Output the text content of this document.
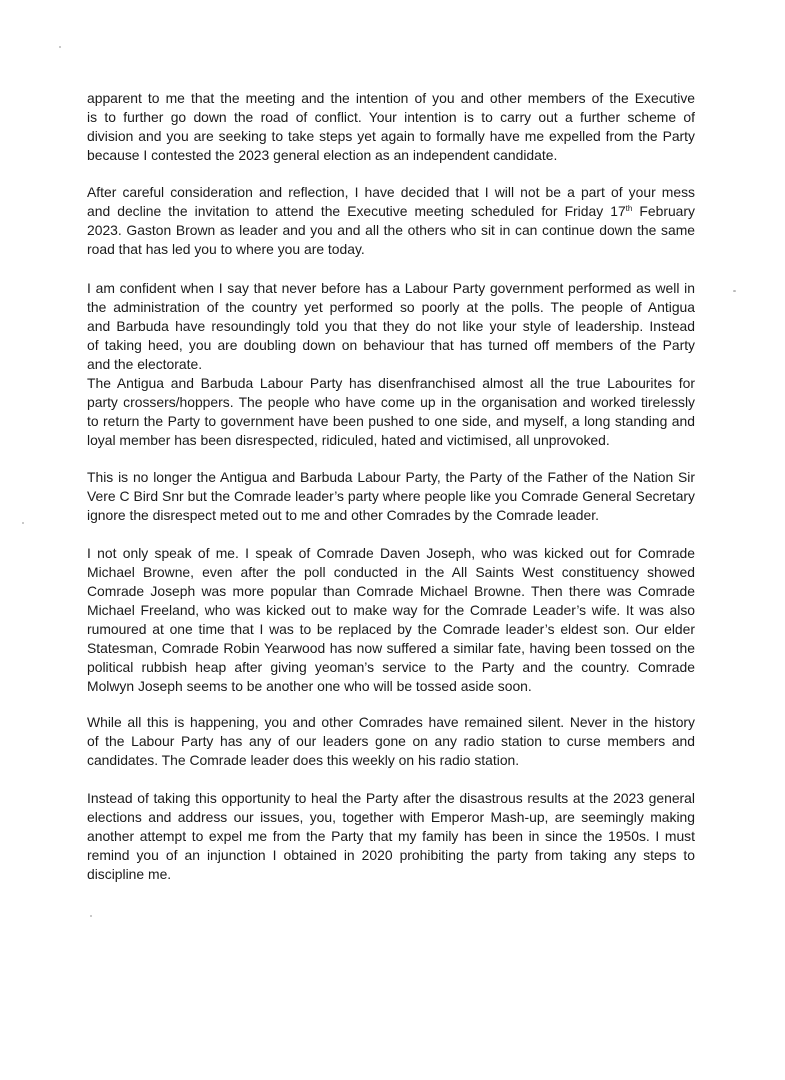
apparent to me that the meeting and the intention of you and other members of the Executive
is to further go down the road of conflict. Your intention is to carry out a further scheme of
division and you are seeking to take steps yet again to formally have me expelled from the Party
because I contested the 2023 general election as an independent candidate.
After careful consideration and reflection, I have decided that I will not be a part of your mess
and decline the invitation to attend the Executive meeting scheduled for Friday 17th February
2023. Gaston Brown as leader and you and all the others who sit in can continue down the same
road that has led you to where you are today.
I am confident when I say that never before has a Labour Party government performed as well in
the administration of the country yet performed so poorly at the polls. The people of Antigua
and Barbuda have resoundingly told you that they do not like your style of leadership. Instead
of taking heed, you are doubling down on behaviour that has turned off members of the Party
and the electorate.
The Antigua and Barbuda Labour Party has disenfranchised almost all the true Labourites for
party crossers/hoppers. The people who have come up in the organisation and worked tirelessly
to return the Party to government have been pushed to one side, and myself, a long standing and
loyal member has been disrespected, ridiculed, hated and victimised, all unprovoked.
This is no longer the Antigua and Barbuda Labour Party, the Party of the Father of the Nation Sir
Vere C Bird Snr but the Comrade leader’s party where people like you Comrade General Secretary
ignore the disrespect meted out to me and other Comrades by the Comrade leader.
I not only speak of me. I speak of Comrade Daven Joseph, who was kicked out for Comrade
Michael Browne, even after the poll conducted in the All Saints West constituency showed
Comrade Joseph was more popular than Comrade Michael Browne. Then there was Comrade
Michael Freeland, who was kicked out to make way for the Comrade Leader’s wife. It was also
rumoured at one time that I was to be replaced by the Comrade leader’s eldest son. Our elder
Statesman, Comrade Robin Yearwood has now suffered a similar fate, having been tossed on the
political rubbish heap after giving yeoman’s service to the Party and the country. Comrade
Molwyn Joseph seems to be another one who will be tossed aside soon.
While all this is happening, you and other Comrades have remained silent. Never in the history
of the Labour Party has any of our leaders gone on any radio station to curse members and
candidates. The Comrade leader does this weekly on his radio station.
Instead of taking this opportunity to heal the Party after the disastrous results at the 2023 general
elections and address our issues, you, together with Emperor Mash-up, are seemingly making
another attempt to expel me from the Party that my family has been in since the 1950s. I must
remind you of an injunction I obtained in 2020 prohibiting the party from taking any steps to
discipline me.
